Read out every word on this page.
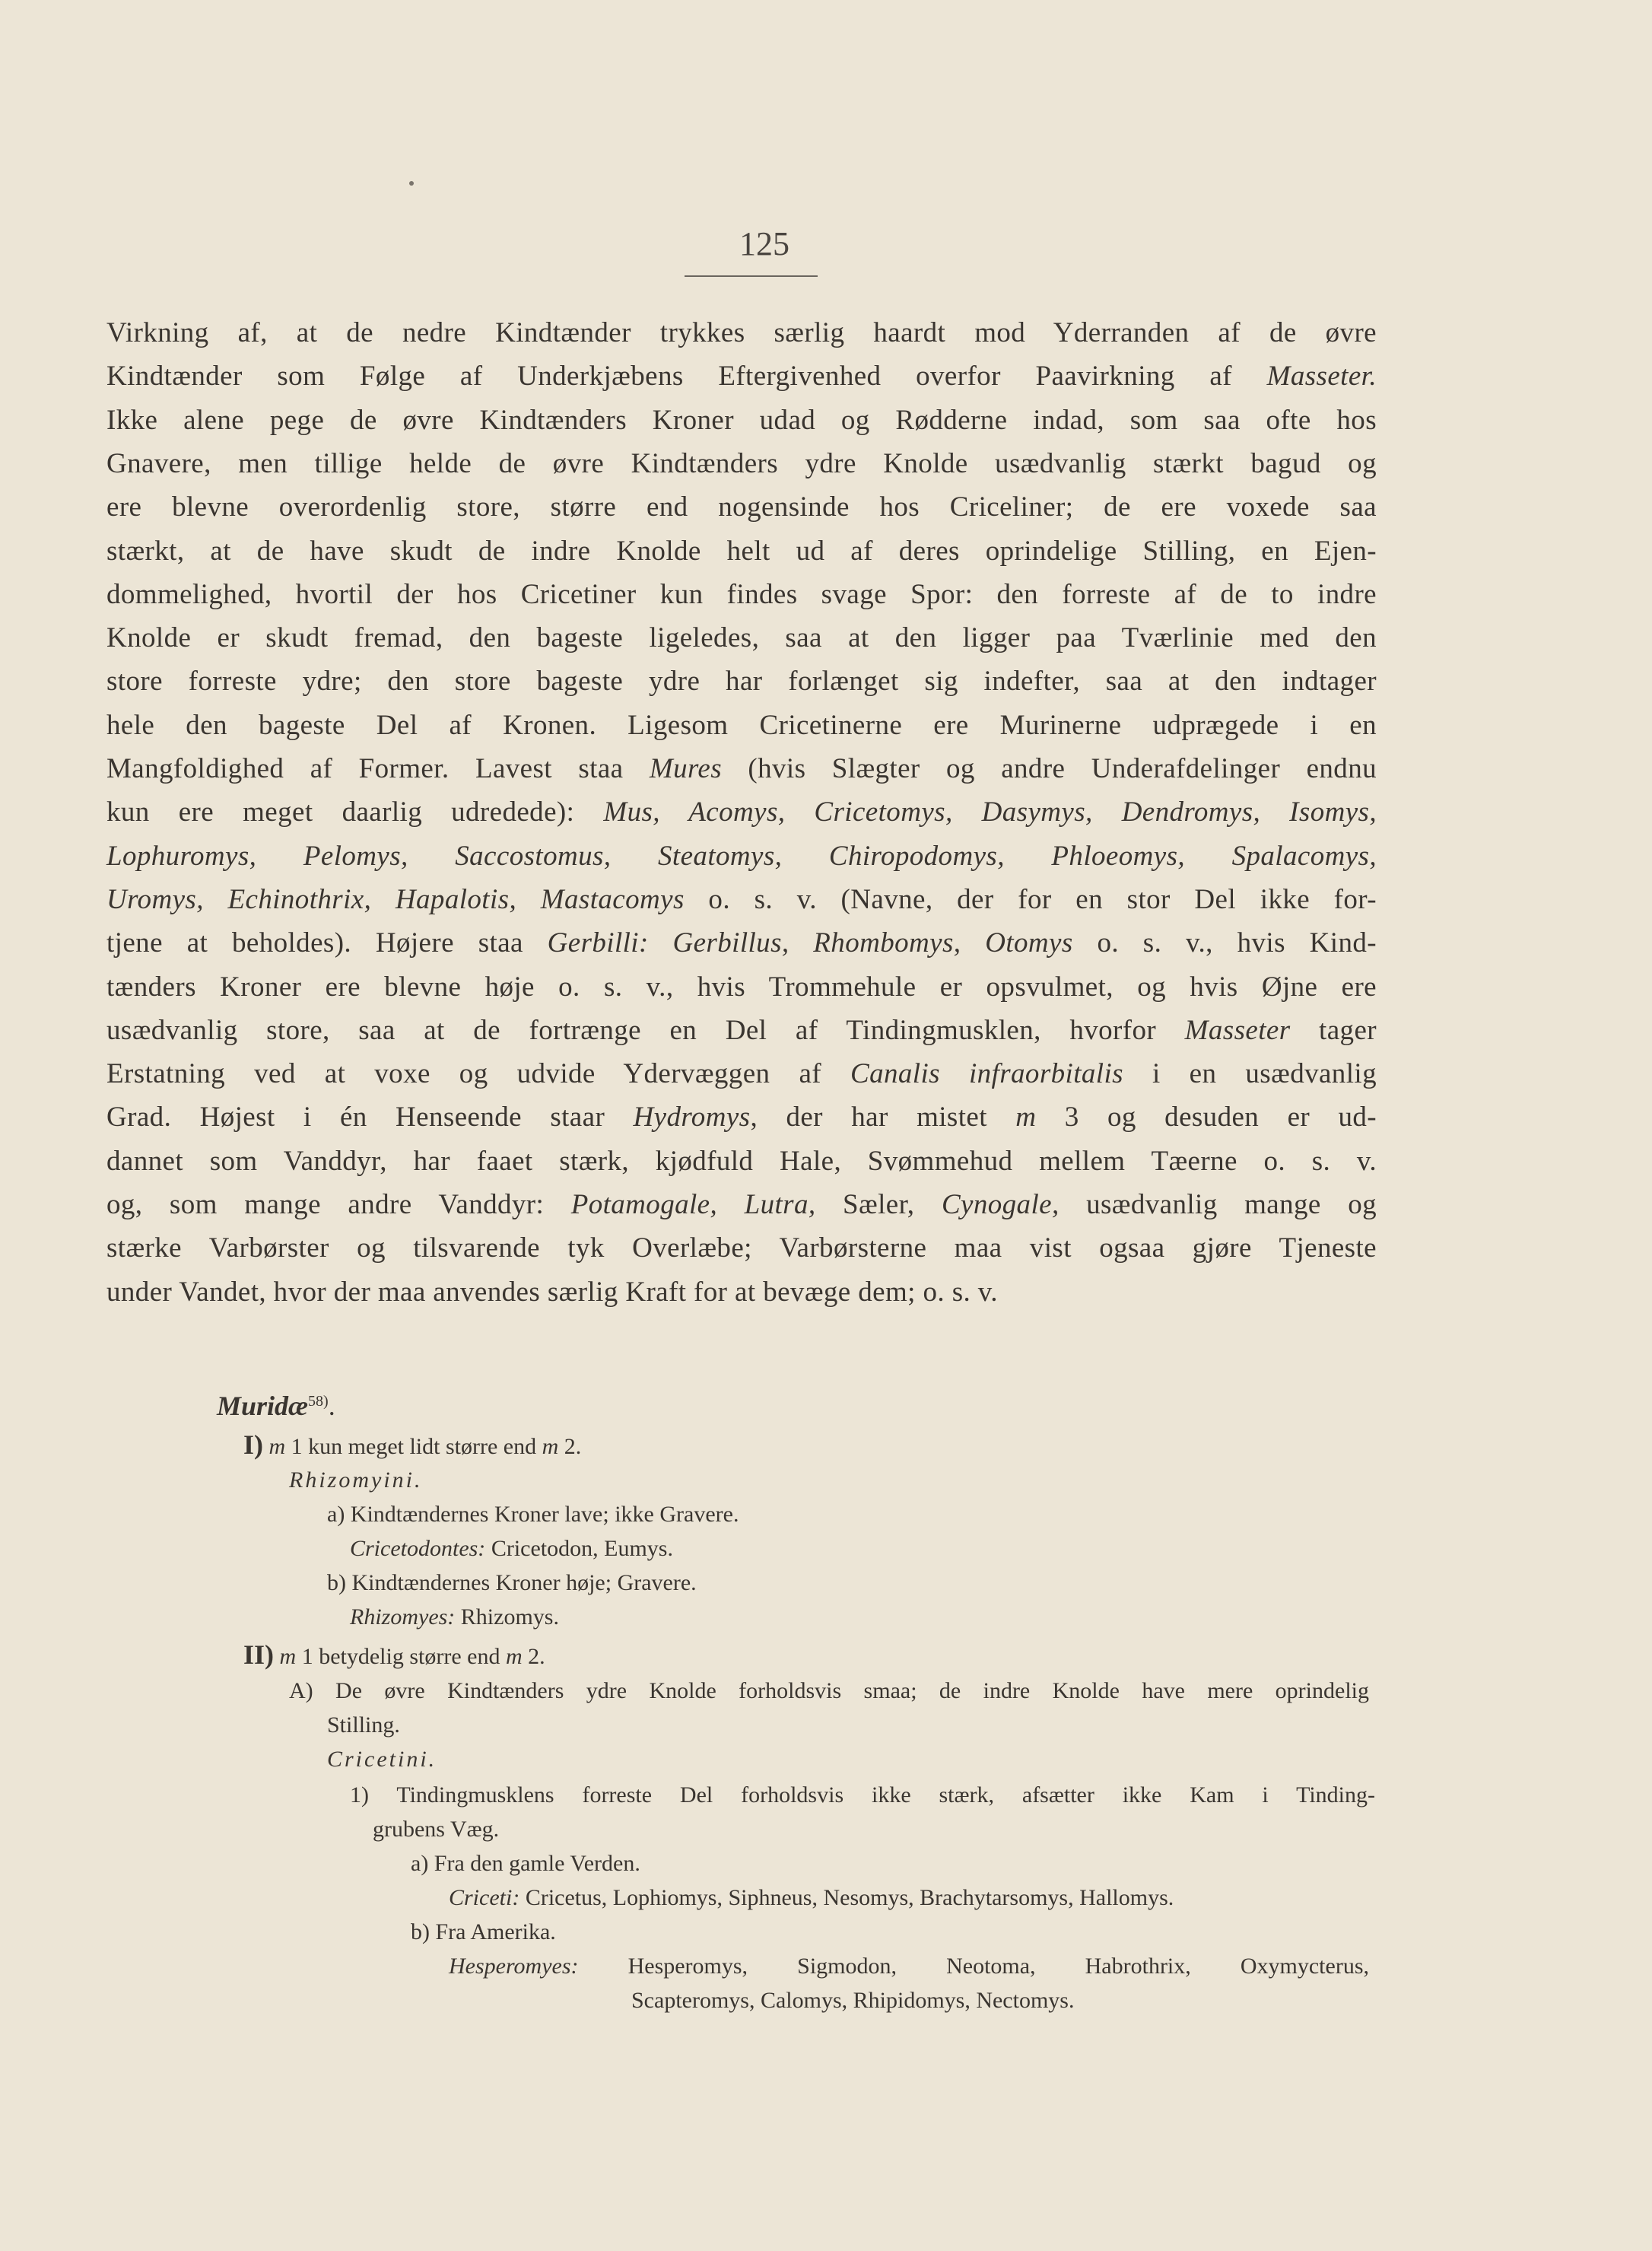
125
Virkning af, at de nedre Kindtænder trykkes særlig haardt mod Yderranden af de øvre
Kindtænder som Følge af Underkjæbens Eftergivenhed overfor Paavirkning af Masseter.
Ikke alene pege de øvre Kindtænders Kroner udad og Rødderne indad, som saa ofte hos
Gnavere, men tillige helde de øvre Kindtænders ydre Knolde usædvanlig stærkt bagud og
ere blevne overordenlig store, større end nogensinde hos Criceliner; de ere voxede saa
stærkt, at de have skudt de indre Knolde helt ud af deres oprindelige Stilling, en Ejen-
dommelighed, hvortil der hos Cricetiner kun findes svage Spor: den forreste af de to indre
Knolde er skudt fremad, den bageste ligeledes, saa at den ligger paa Tværlinie med den
store forreste ydre; den store bageste ydre har forlænget sig indefter, saa at den indtager
hele den bageste Del af Kronen. Ligesom Cricetinerne ere Murinerne udprægede i en
Mangfoldighed af Former. Lavest staa Mures (hvis Slægter og andre Underafdelinger endnu
kun ere meget daarlig udredede): Mus, Acomys, Cricetomys, Dasymys, Dendromys, Isomys,
Lophuromys, Pelomys, Saccostomus, Steatomys, Chiropodomys, Phloeomys, Spalacomys,
Uromys, Echinothrix, Hapalotis, Mastacomys o. s. v. (Navne, der for en stor Del ikke for-
tjene at beholdes). Højere staa Gerbilli: Gerbillus, Rhombomys, Otomys o. s. v., hvis Kind-
tænders Kroner ere blevne høje o. s. v., hvis Trommehule er opsvulmet, og hvis Øjne ere
usædvanlig store, saa at de fortrænge en Del af Tindingmusklen, hvorfor Masseter tager
Erstatning ved at voxe og udvide Ydervæggen af Canalis infraorbitalis i en usædvanlig
Grad. Højest i én Henseende staar Hydromys, der har mistet m 3 og desuden er ud-
dannet som Vanddyr, har faaet stærk, kjødfuld Hale, Svømmehud mellem Tæerne o. s. v.
og, som mange andre Vanddyr: Potamogale, Lutra, Sæler, Cynogale, usædvanlig mange og
stærke Varbørster og tilsvarende tyk Overlæbe; Varbørsterne maa vist ogsaa gjøre Tjeneste
under Vandet, hvor der maa anvendes særlig Kraft for at bevæge dem; o. s. v.
Muridæ$^{58)}$.
I) m 1 kun meget lidt større end m 2.
Rhizomyini.
a) Kindtændernes Kroner lave; ikke Gravere.
Cricetodontes: Cricetodon, Eumys.
b) Kindtændernes Kroner høje; Gravere.
Rhizomyes: Rhizomys.
II) m 1 betydelig større end m 2.
A) De øvre Kindtænders ydre Knolde forholdsvis smaa; de indre Knolde have mere oprindelig
Stilling.
Cricetini.
1) Tindingmusklens forreste Del forholdsvis ikke stærk, afsætter ikke Kam i Tinding-
grubens Væg.
a) Fra den gamle Verden.
Criceti: Cricetus, Lophiomys, Siphneus, Nesomys, Brachytarsomys, Hallomys.
b) Fra Amerika.
Hesperomyes: Hesperomys, Sigmodon, Neotoma, Habrothrix, Oxymycterus,
Scapteromys, Calomys, Rhipidomys, Nectomys.
